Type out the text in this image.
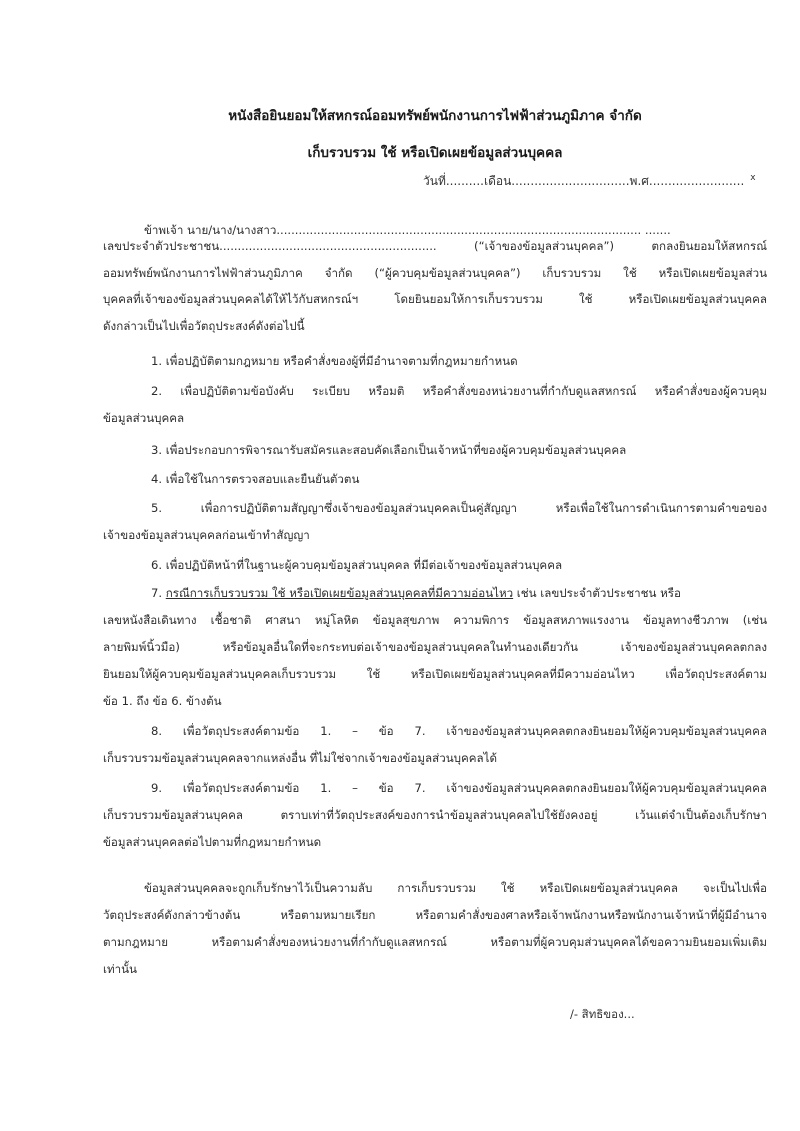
หนังสือยินยอมให้สหกรณ์ออมทรัพย์พนักงานการไฟฟ้าส่วนภูมิภาค จำกัด
เก็บรวบรวม ใช้ หรือเปิดเผยข้อมูลส่วนบุคคล
วันที่..........เดือน...............................พ.ศ......................... $^x$
ข้าพเจ้า นาย/นาง/นางสาว................................................................................................... .......
เลขประจำตัวประชาชน........................................................... (“เจ้าของข้อมูลส่วนบุคคล”) ตกลงยินยอมให้สหกรณ์
ออมทรัพย์พนักงานการไฟฟ้าส่วนภูมิภาค จำกัด (“ผู้ควบคุมข้อมูลส่วนบุคคล”) เก็บรวบรวม ใช้ หรือเปิดเผยข้อมูลส่วน
บุคคลที่เจ้าของข้อมูลส่วนบุคคลได้ให้ไว้กับสหกรณ์ฯ โดยยินยอมให้การเก็บรวบรวม ใช้ หรือเปิดเผยข้อมูลส่วนบุคคล
ดังกล่าวเป็นไปเพื่อวัตถุประสงค์ดังต่อไปนี้
1. เพื่อปฏิบัติตามกฎหมาย หรือคำสั่งของผู้ที่มีอำนาจตามที่กฎหมายกำหนด
2. เพื่อปฏิบัติตามข้อบังคับ ระเบียบ หรือมติ หรือคำสั่งของหน่วยงานที่กำกับดูแลสหกรณ์ หรือคำสั่งของผู้ควบคุม
ข้อมูลส่วนบุคคล
3. เพื่อประกอบการพิจารณารับสมัครและสอบคัดเลือกเป็นเจ้าหน้าที่ของผู้ควบคุมข้อมูลส่วนบุคคล
4. เพื่อใช้ในการตรวจสอบและยืนยันตัวตน
5. เพื่อการปฏิบัติตามสัญญาซึ่งเจ้าของข้อมูลส่วนบุคคลเป็นคู่สัญญา หรือเพื่อใช้ในการดำเนินการตามคำขอของ
เจ้าของข้อมูลส่วนบุคคลก่อนเข้าทำสัญญา
6. เพื่อปฏิบัติหน้าที่ในฐานะผู้ควบคุมข้อมูลส่วนบุคคล ที่มีต่อเจ้าของข้อมูลส่วนบุคคล
7. กรณีการเก็บรวบรวม ใช้ หรือเปิดเผยข้อมูลส่วนบุคคลที่มีความอ่อนไหว เช่น เลขประจำตัวประชาชน หรือ
เลขหนังสือเดินทาง เชื้อชาติ ศาสนา หมู่โลหิต ข้อมูลสุขภาพ ความพิการ ข้อมูลสหภาพแรงงาน ข้อมูลทางชีวภาพ (เช่น
ลายพิมพ์นิ้วมือ) หรือข้อมูลอื่นใดที่จะกระทบต่อเจ้าของข้อมูลส่วนบุคคลในทำนองเดียวกัน เจ้าของข้อมูลส่วนบุคคลตกลง
ยินยอมให้ผู้ควบคุมข้อมูลส่วนบุคคลเก็บรวบรวม ใช้ หรือเปิดเผยข้อมูลส่วนบุคคลที่มีความอ่อนไหว เพื่อวัตถุประสงค์ตาม
ข้อ 1. ถึง ข้อ 6. ข้างต้น
8. เพื่อวัตถุประสงค์ตามข้อ 1. – ข้อ 7. เจ้าของข้อมูลส่วนบุคคลตกลงยินยอมให้ผู้ควบคุมข้อมูลส่วนบุคคล
เก็บรวบรวมข้อมูลส่วนบุคคลจากแหล่งอื่น ที่ไม่ใช่จากเจ้าของข้อมูลส่วนบุคคลได้
9. เพื่อวัตถุประสงค์ตามข้อ 1. – ข้อ 7. เจ้าของข้อมูลส่วนบุคคลตกลงยินยอมให้ผู้ควบคุมข้อมูลส่วนบุคคล
เก็บรวบรวมข้อมูลส่วนบุคคล ตราบเท่าที่วัตถุประสงค์ของการนำข้อมูลส่วนบุคคลไปใช้ยังคงอยู่ เว้นแต่จำเป็นต้องเก็บรักษา
ข้อมูลส่วนบุคคลต่อไปตามที่กฎหมายกำหนด
ข้อมูลส่วนบุคคลจะถูกเก็บรักษาไว้เป็นความลับ การเก็บรวบรวม ใช้ หรือเปิดเผยข้อมูลส่วนบุคคล จะเป็นไปเพื่อ
วัตถุประสงค์ดังกล่าวข้างต้น หรือตามหมายเรียก หรือตามคำสั่งของศาลหรือเจ้าพนักงานหรือพนักงานเจ้าหน้าที่ผู้มีอำนาจ
ตามกฎหมาย หรือตามคำสั่งของหน่วยงานที่กำกับดูแลสหกรณ์ หรือตามที่ผู้ควบคุมส่วนบุคคลได้ขอความยินยอมเพิ่มเติม
เท่านั้น
/- สิทธิของ...
